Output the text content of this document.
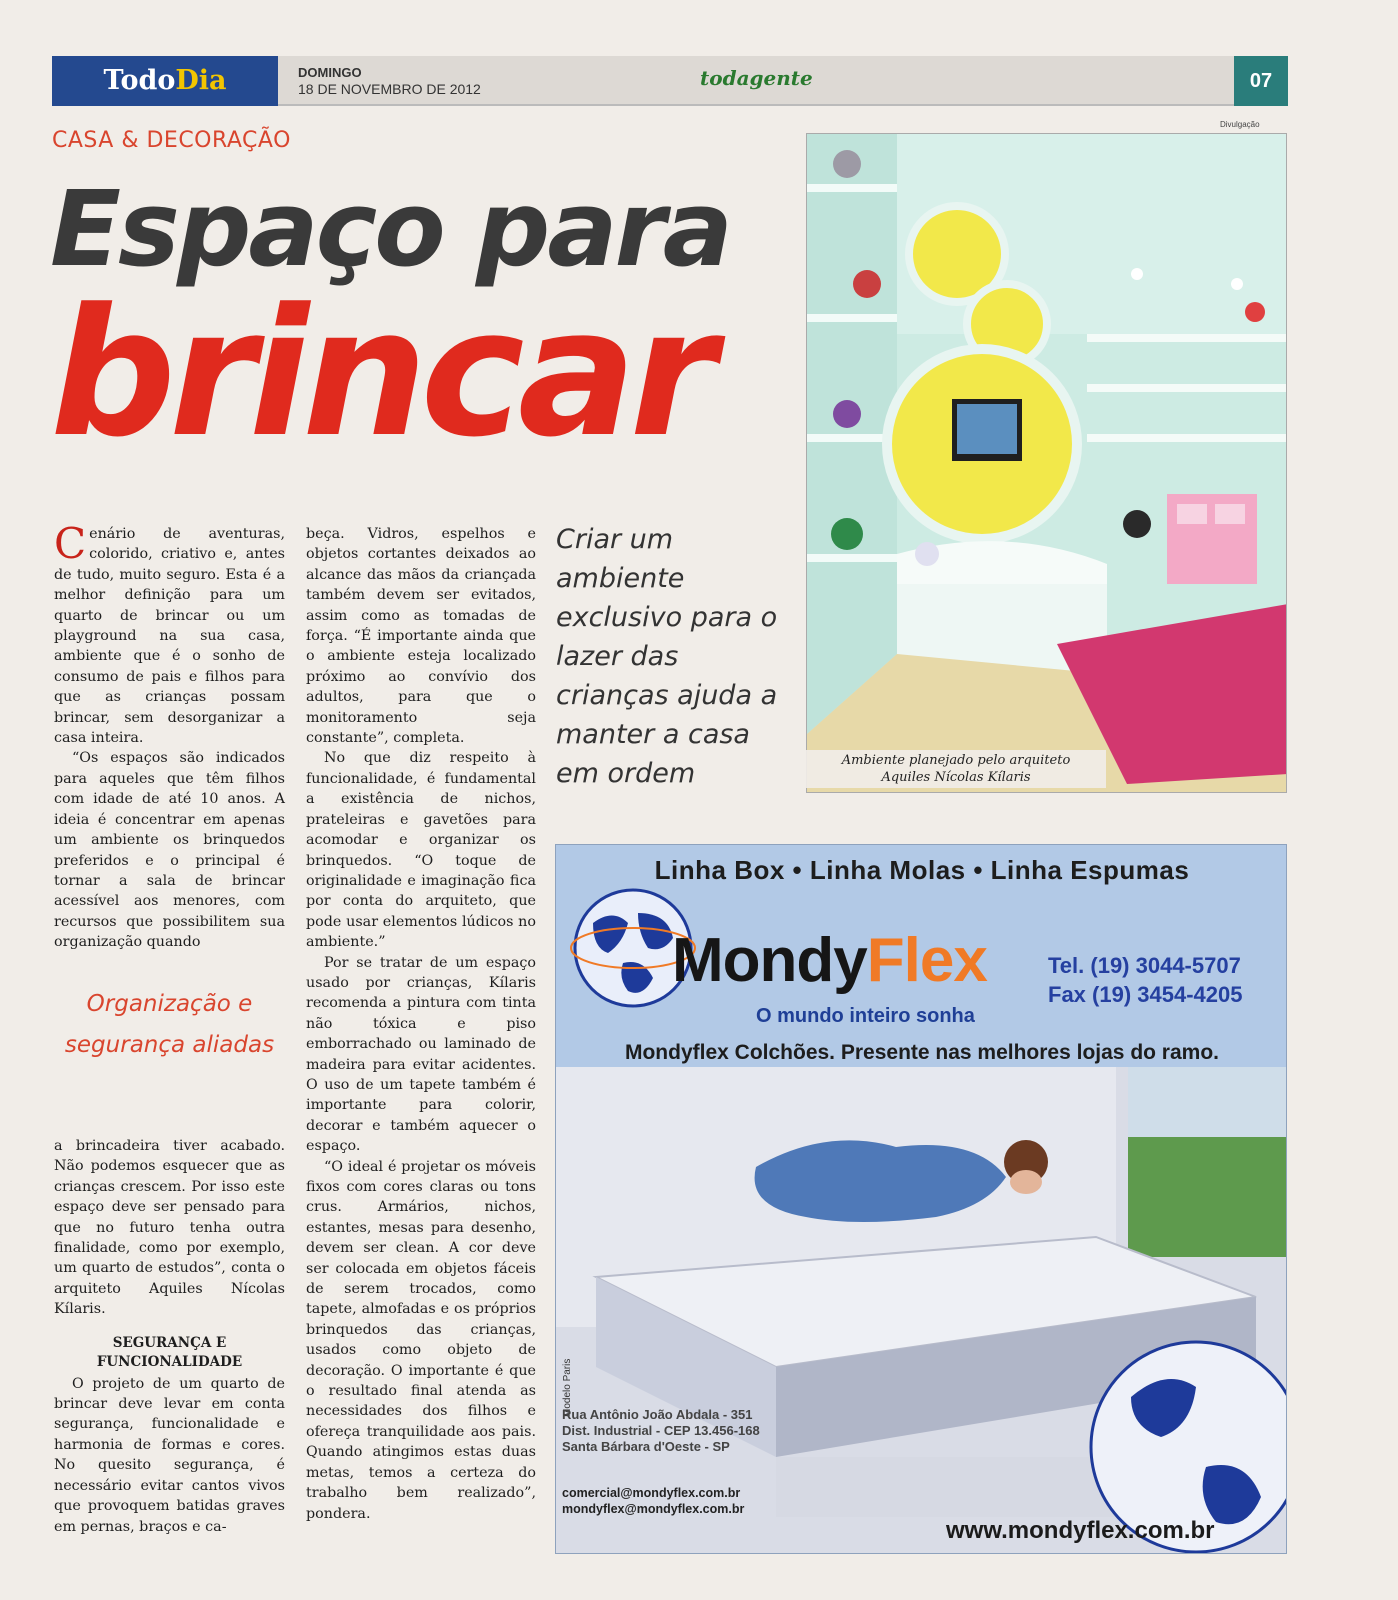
TodoDia	DOMINGO
18 DE NOVEMBRO DE 2012	todagente	07
CASA & DECORAÇÃO
Espaço para
brincar
Divulgação
Ambiente planejado pelo arquiteto
Aquiles Nícolas Kílaris

Cenário de aventuras, colorido, criativo e, antes de tudo, muito seguro. Esta é a melhor definição para um quarto de brincar ou um playground na sua casa, ambiente que é o sonho de consumo de pais e filhos para que as crianças possam brincar, sem desorganizar a casa inteira.

“Os espaços são indicados para aqueles que têm filhos com idade de até 10 anos. A ideia é concentrar em apenas um ambiente os brinquedos preferidos e o principal é tornar a sala de brincar acessível aos menores, com recursos que possibilitem sua organização quando

Organização e segurança aliadas

a brincadeira tiver acabado. Não podemos esquecer que as crianças crescem. Por isso este espaço deve ser pensado para que no futuro tenha outra finalidade, como por exemplo, um quarto de estudos”, conta o arquiteto Aquiles Nícolas Kílaris.

SEGURANÇA E
FUNCIONALIDADE

O projeto de um quarto de brincar deve levar em conta segurança, funcionalidade e harmonia de formas e cores. No quesito segurança, é necessário evitar cantos vivos que provoquem batidas graves em pernas, braços e ca-

beça. Vidros, espelhos e objetos cortantes deixados ao alcance das mãos da criançada também devem ser evitados, assim como as tomadas de força. “É importante ainda que o ambiente esteja localizado próximo ao convívio dos adultos, para que o monitoramento seja constante”, completa.

No que diz respeito à funcionalidade, é fundamental a existência de nichos, prateleiras e gavetões para acomodar e organizar os brinquedos. “O toque de originalidade e imaginação fica por conta do arquiteto, que pode usar elementos lúdicos no ambiente.”

Por se tratar de um espaço usado por crianças, Kílaris recomenda a pintura com tinta não tóxica e piso emborrachado ou laminado de madeira para evitar acidentes. O uso de um tapete também é importante para colorir, decorar e também aquecer o espaço.

“O ideal é projetar os móveis fixos com cores claras ou tons crus. Armários, nichos, estantes, mesas para desenho, devem ser clean. A cor deve ser colocada em objetos fáceis de serem trocados, como tapete, almofadas e os próprios brinquedos das crianças, usados como objeto de decoração. O importante é que o resultado final atenda as necessidades dos filhos e ofereça tranquilidade aos pais. Quando atingimos estas duas metas, temos a certeza do trabalho bem realizado”, pondera.

Criar um ambiente exclusivo para o lazer das crianças ajuda a manter a casa em ordem
Linha Box • Linha Molas • Linha Espumas
MondyFlex	Tel. (19) 3044-5707
Fax (19) 3454-4205
O mundo inteiro sonha
Mondyflex Colchões. Presente nas melhores lojas do ramo.
Modelo Paris
Rua Antônio João Abdala - 351
Dist. Industrial - CEP 13.456-168
Santa Bárbara d'Oeste - SP
comercial@mondyflex.com.br
mondyflex@mondyflex.com.br
www.mondyflex.com.br
